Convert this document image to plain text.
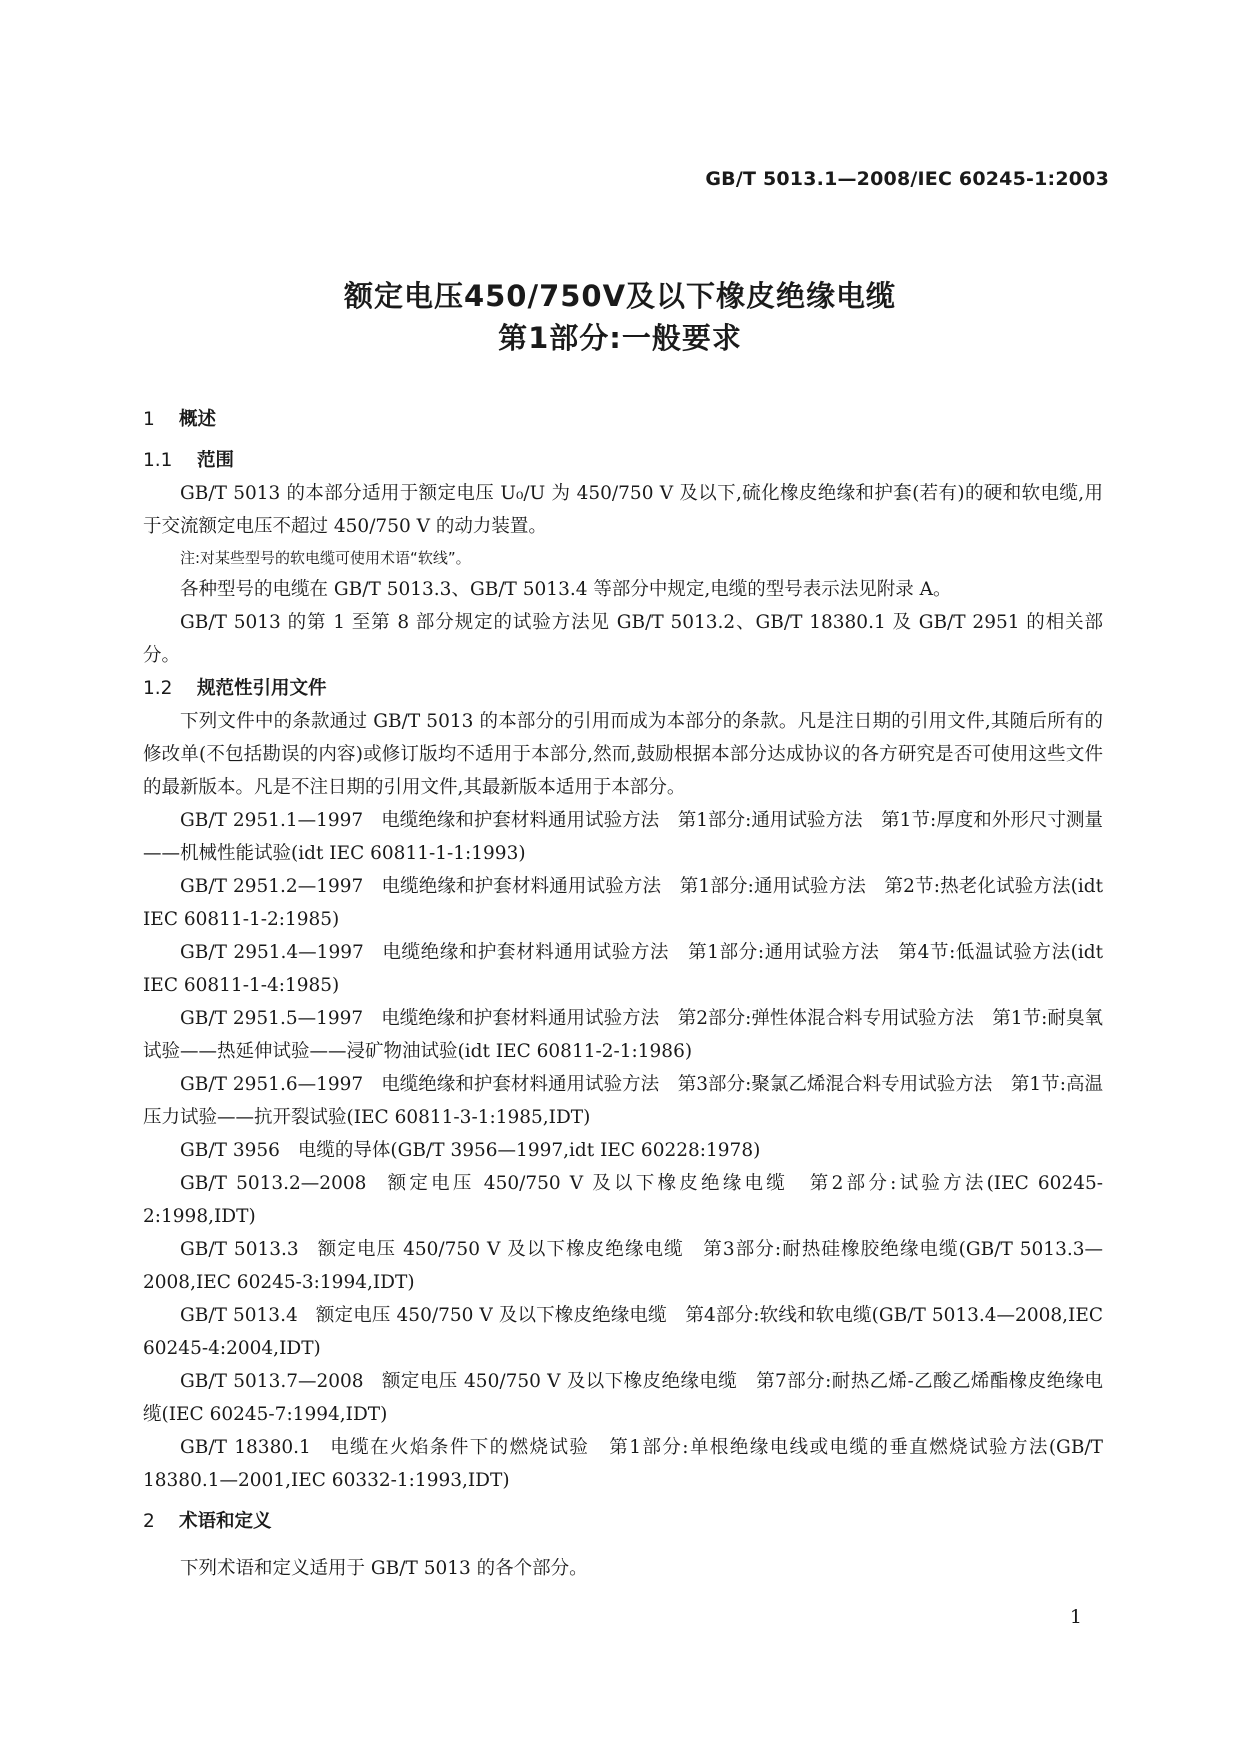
GB/T 5013.1—2008/IEC 60245-1:2003
额定电压450/750V及以下橡皮绝缘电缆
第1部分:一般要求

1 概述

1.1 范围

GB/T 5013 的本部分适用于额定电压 U₀/U 为 450/750 V 及以下,硫化橡皮绝缘和护套(若有)的硬和软电缆,用于交流额定电压不超过 450/750 V 的动力装置。

注:对某些型号的软电缆可使用术语“软线”。

各种型号的电缆在 GB/T 5013.3、GB/T 5013.4 等部分中规定,电缆的型号表示法见附录 A。

GB/T 5013 的第 1 至第 8 部分规定的试验方法见 GB/T 5013.2、GB/T 18380.1 及 GB/T 2951 的相关部分。

1.2 规范性引用文件

下列文件中的条款通过 GB/T 5013 的本部分的引用而成为本部分的条款。凡是注日期的引用文件,其随后所有的修改单(不包括勘误的内容)或修订版均不适用于本部分,然而,鼓励根据本部分达成协议的各方研究是否可使用这些文件的最新版本。凡是不注日期的引用文件,其最新版本适用于本部分。

GB/T 2951.1—1997 电缆绝缘和护套材料通用试验方法　第1部分:通用试验方法　第1节:厚度和外形尺寸测量——机械性能试验(idt IEC 60811-1-1:1993)

GB/T 2951.2—1997 电缆绝缘和护套材料通用试验方法　第1部分:通用试验方法　第2节:热老化试验方法(idt IEC 60811-1-2:1985)

GB/T 2951.4—1997 电缆绝缘和护套材料通用试验方法　第1部分:通用试验方法　第4节:低温试验方法(idt IEC 60811-1-4:1985)

GB/T 2951.5—1997 电缆绝缘和护套材料通用试验方法　第2部分:弹性体混合料专用试验方法　第1节:耐臭氧试验——热延伸试验——浸矿物油试验(idt IEC 60811-2-1:1986)

GB/T 2951.6—1997 电缆绝缘和护套材料通用试验方法　第3部分:聚氯乙烯混合料专用试验方法　第1节:高温压力试验——抗开裂试验(IEC 60811-3-1:1985,IDT)

GB/T 3956 电缆的导体(GB/T 3956—1997,idt IEC 60228:1978)

GB/T 5013.2—2008 额定电压 450/750 V 及以下橡皮绝缘电缆　第2部分:试验方法(IEC 60245-2:1998,IDT)

GB/T 5013.3 额定电压 450/750 V 及以下橡皮绝缘电缆　第3部分:耐热硅橡胶绝缘电缆(GB/T 5013.3—2008,IEC 60245-3:1994,IDT)

GB/T 5013.4 额定电压 450/750 V 及以下橡皮绝缘电缆　第4部分:软线和软电缆(GB/T 5013.4—2008,IEC 60245-4:2004,IDT)

GB/T 5013.7—2008 额定电压 450/750 V 及以下橡皮绝缘电缆　第7部分:耐热乙烯-乙酸乙烯酯橡皮绝缘电缆(IEC 60245-7:1994,IDT)

GB/T 18380.1 电缆在火焰条件下的燃烧试验　第1部分:单根绝缘电线或电缆的垂直燃烧试验方法(GB/T 18380.1—2001,IEC 60332-1:1993,IDT)

2 术语和定义

下列术语和定义适用于 GB/T 5013 的各个部分。

1
